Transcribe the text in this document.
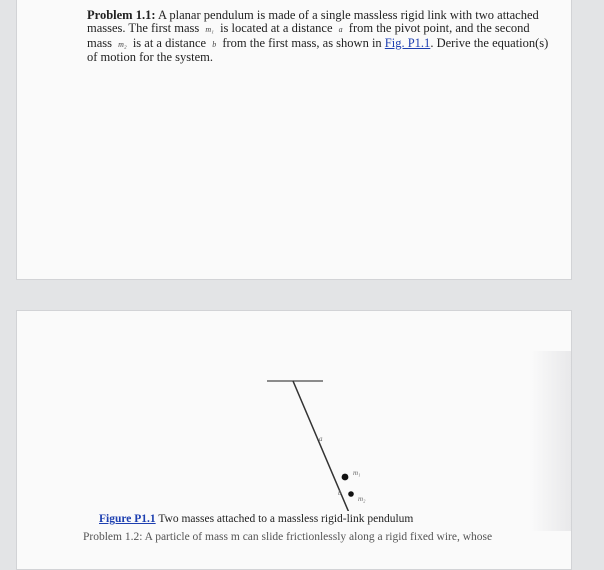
Problem 1.1: A planar pendulum is made of a single massless rigid link with two attached masses. The first mass m₁ is located at a distance a from the pivot point, and the second mass m₂ is at a distance b from the first mass, as shown in Fig. P1.1. Derive the equation(s) of motion for the system.

a
m₁
b
m₂
Figure P1.1 Two masses attached to a massless rigid-link pendulum
Problem 1.2: A particle of mass m can slide frictionlessly along a rigid fixed wire, whose
